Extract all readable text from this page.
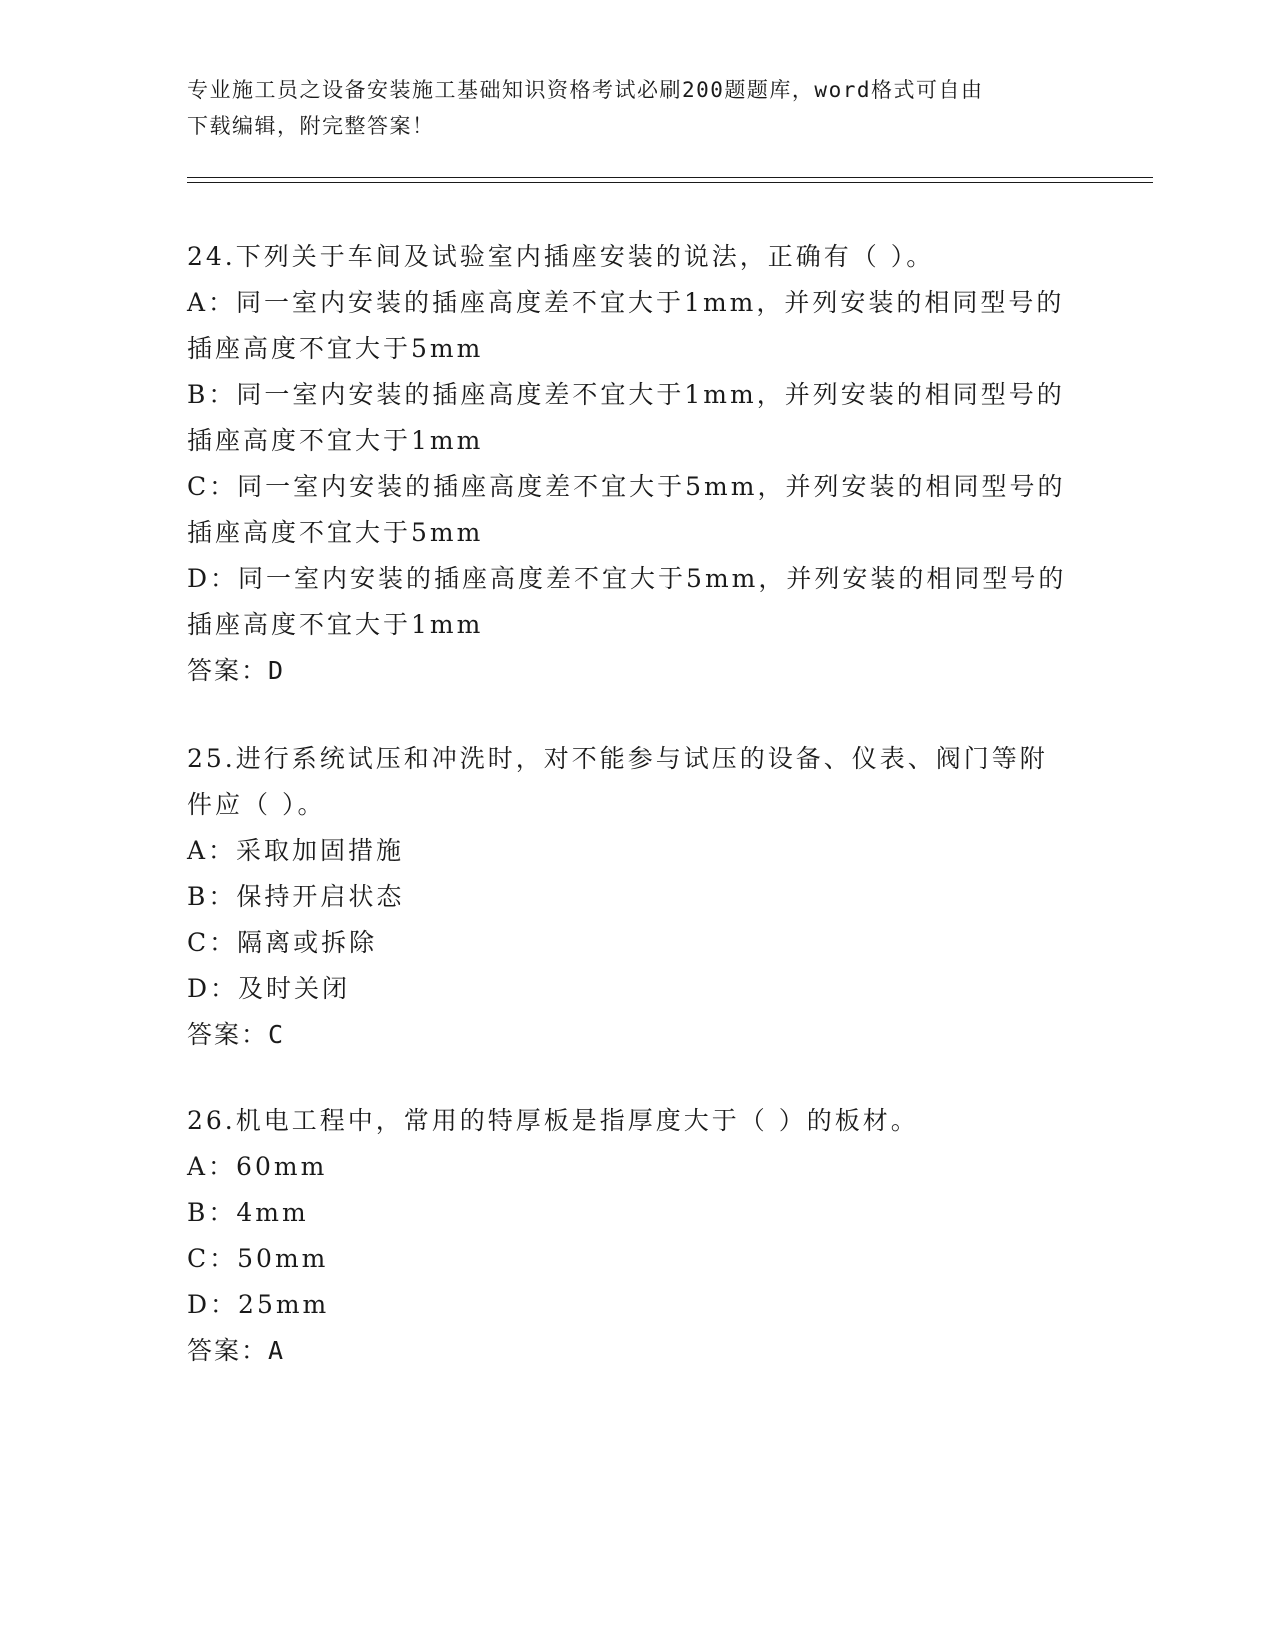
专业施工员之设备安装施工基础知识资格考试必刷200题题库，word格式可自由
下载编辑，附完整答案！
24.下列关于车间及试验室内插座安装的说法，正确有（ ）。
A：同一室内安装的插座高度差不宜大于1mm，并列安装的相同型号的
插座高度不宜大于5mm
B：同一室内安装的插座高度差不宜大于1mm，并列安装的相同型号的
插座高度不宜大于1mm
C：同一室内安装的插座高度差不宜大于5mm，并列安装的相同型号的
插座高度不宜大于5mm
D：同一室内安装的插座高度差不宜大于5mm，并列安装的相同型号的
插座高度不宜大于1mm
答案：D
25.进行系统试压和冲洗时，对不能参与试压的设备、仪表、阀门等附
件应（ ）。
A：采取加固措施
B：保持开启状态
C：隔离或拆除
D：及时关闭
答案：C
26.机电工程中，常用的特厚板是指厚度大于（ ）的板材。
A：60mm
B：4mm
C：50mm
D：25mm
答案：A
